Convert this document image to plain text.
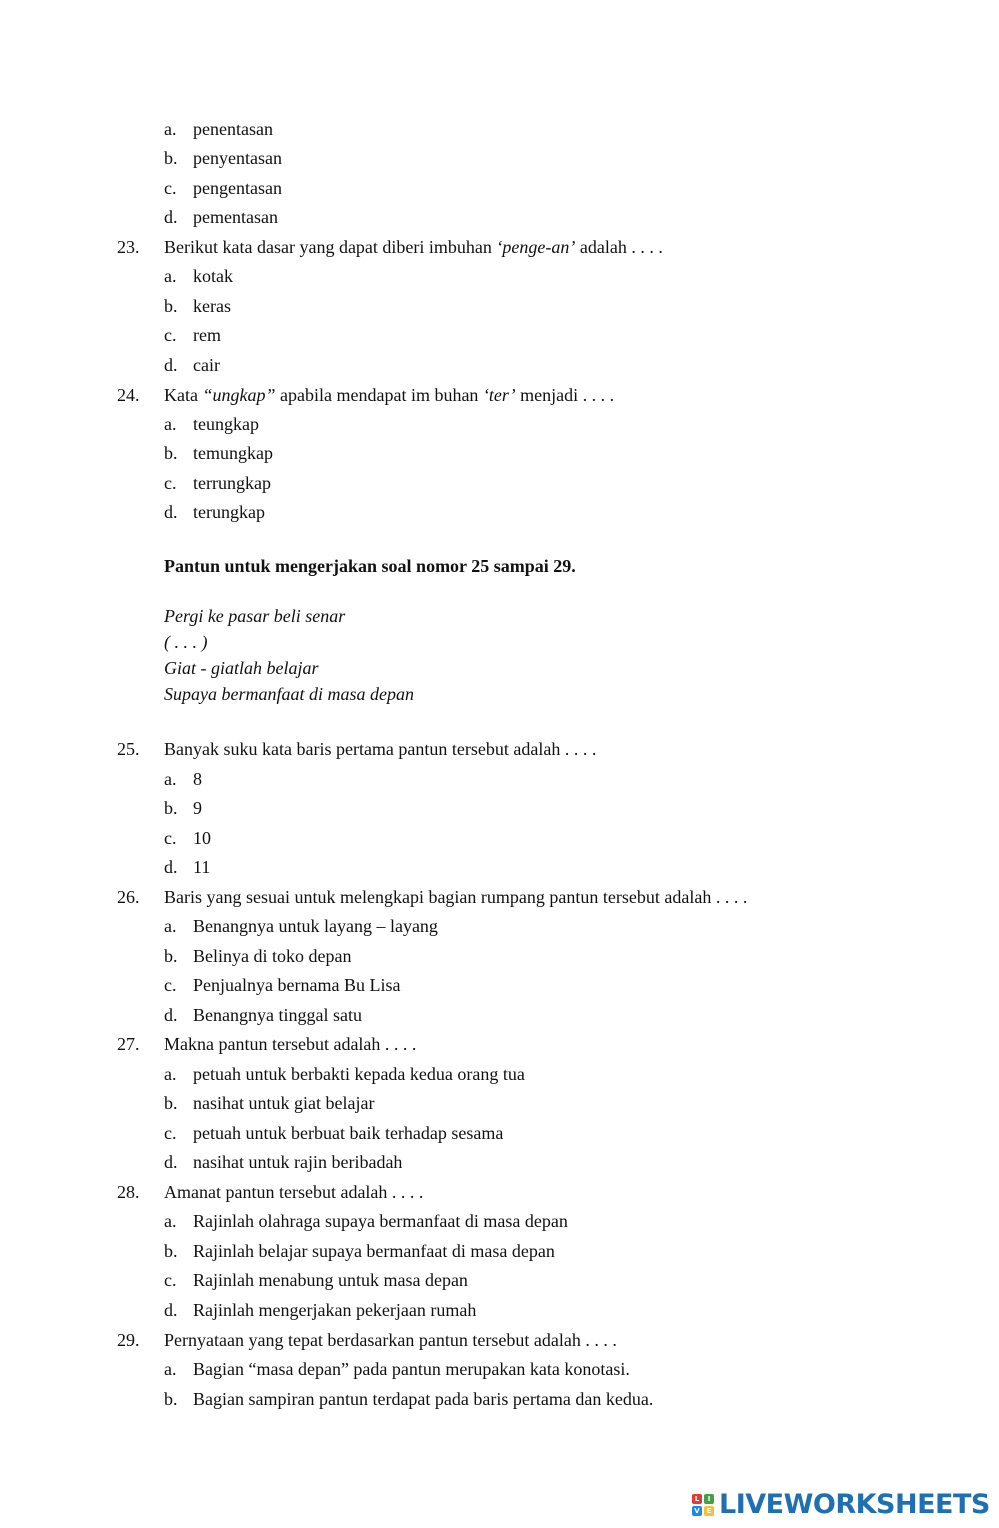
a. penentasan
b. penyentasan
c. pengentasan
d. pementasan
23. Berikut kata dasar yang dapat diberi imbuhan ‘penge-an’ adalah . . . .
a. kotak
b. keras
c. rem
d. cair
24. Kata “ungkap” apabila mendapat im buhan ‘ter’ menjadi . . . .
a. teungkap
b. temungkap
c. terrungkap
d. terungkap
Pantun untuk mengerjakan soal nomor 25 sampai 29.
Pergi ke pasar beli senar
( . . . )
Giat - giatlah belajar
Supaya bermanfaat di masa depan
25. Banyak suku kata baris pertama pantun tersebut adalah . . . .
a. 8
b. 9
c. 10
d. 11
26. Baris yang sesuai untuk melengkapi bagian rumpang pantun tersebut adalah . . . .
a. Benangnya untuk layang – layang
b. Belinya di toko depan
c. Penjualnya bernama Bu Lisa
d. Benangnya tinggal satu
27. Makna pantun tersebut adalah . . . .
a. petuah untuk berbakti kepada kedua orang tua
b. nasihat untuk giat belajar
c. petuah untuk berbuat baik terhadap sesama
d. nasihat untuk rajin beribadah
28. Amanat pantun tersebut adalah . . . .
a. Rajinlah olahraga supaya bermanfaat di masa depan
b. Rajinlah belajar supaya bermanfaat di masa depan
c. Rajinlah menabung untuk masa depan
d. Rajinlah mengerjakan pekerjaan rumah
29. Pernyataan yang tepat berdasarkan pantun tersebut adalah . . . .
a. Bagian “masa depan” pada pantun merupakan kata konotasi.
b. Bagian sampiran pantun terdapat pada baris pertama dan kedua.
L	I
V E LIVEWORKSHEETS
